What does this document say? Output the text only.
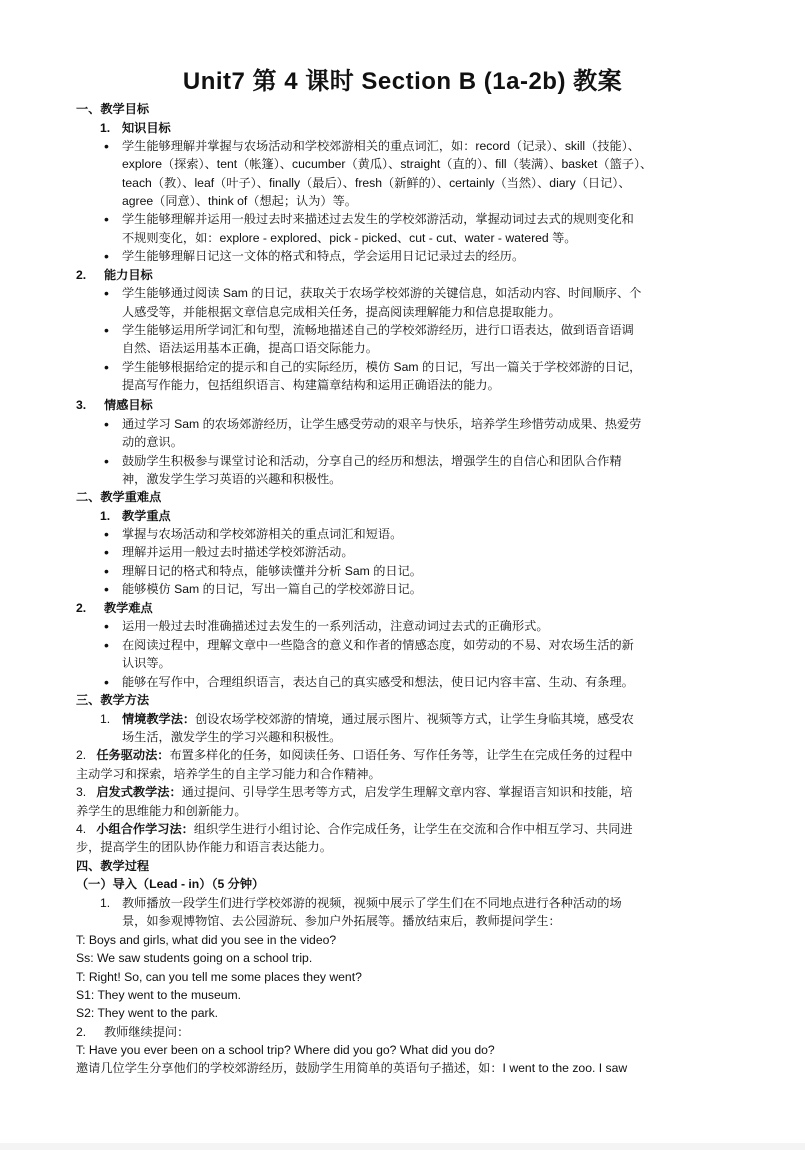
Unit7 第 4 课时 Section B (1a-2b) 教案
一、教学目标
1. 知识目标
• 学生能够理解并掌握与农场活动和学校郊游相关的重点词汇，如：record（记录）、skill（技能）、
explore（探索）、tent（帐篷）、cucumber（黄瓜）、straight（直的）、fill（装满）、basket（篮子）、
teach（教）、leaf（叶子）、finally（最后）、fresh（新鲜的）、certainly（当然）、diary（日记）、
agree（同意）、think of（想起；认为）等。
• 学生能够理解并运用一般过去时来描述过去发生的学校郊游活动，掌握动词过去式的规则变化和
不规则变化，如：explore - explored、pick - picked、cut - cut、water - watered 等。
• 学生能够理解日记这一文体的格式和特点，学会运用日记记录过去的经历。
2. 能力目标
• 学生能够通过阅读 Sam 的日记，获取关于农场学校郊游的关键信息，如活动内容、时间顺序、个
人感受等，并能根据文章信息完成相关任务，提高阅读理解能力和信息提取能力。
• 学生能够运用所学词汇和句型，流畅地描述自己的学校郊游经历，进行口语表达，做到语音语调
自然、语法运用基本正确，提高口语交际能力。
• 学生能够根据给定的提示和自己的实际经历，模仿 Sam 的日记，写出一篇关于学校郊游的日记，
提高写作能力，包括组织语言、构建篇章结构和运用正确语法的能力。
3. 情感目标
• 通过学习 Sam 的农场郊游经历，让学生感受劳动的艰辛与快乐，培养学生珍惜劳动成果、热爱劳
动的意识。
• 鼓励学生积极参与课堂讨论和活动，分享自己的经历和想法，增强学生的自信心和团队合作精
神，激发学生学习英语的兴趣和积极性。
二、教学重难点
1. 教学重点
• 掌握与农场活动和学校郊游相关的重点词汇和短语。
• 理解并运用一般过去时描述学校郊游活动。
• 理解日记的格式和特点，能够读懂并分析 Sam 的日记。
• 能够模仿 Sam 的日记，写出一篇自己的学校郊游日记。
2. 教学难点
• 运用一般过去时准确描述过去发生的一系列活动，注意动词过去式的正确形式。
• 在阅读过程中，理解文章中一些隐含的意义和作者的情感态度，如劳动的不易、对农场生活的新
认识等。
• 能够在写作中，合理组织语言，表达自己的真实感受和想法，使日记内容丰富、生动、有条理。
三、教学方法
1. 情境教学法：创设农场学校郊游的情境，通过展示图片、视频等方式，让学生身临其境，感受农
场生活，激发学生的学习兴趣和积极性。
2. 任务驱动法：布置多样化的任务，如阅读任务、口语任务、写作任务等，让学生在完成任务的过程中
主动学习和探索，培养学生的自主学习能力和合作精神。
3. 启发式教学法：通过提问、引导学生思考等方式，启发学生理解文章内容、掌握语言知识和技能，培
养学生的思维能力和创新能力。
4. 小组合作学习法：组织学生进行小组讨论、合作完成任务，让学生在交流和合作中相互学习、共同进
步，提高学生的团队协作能力和语言表达能力。
四、教学过程
（一）导入（Lead - in）（5 分钟）
1. 教师播放一段学生们进行学校郊游的视频，视频中展示了学生们在不同地点进行各种活动的场
景，如参观博物馆、去公园游玩、参加户外拓展等。播放结束后，教师提问学生：
T: Boys and girls, what did you see in the video?
Ss: We saw students going on a school trip.
T: Right! So, can you tell me some places they went?
S1: They went to the museum.
S2: They went to the park.
2. 教师继续提问：
T: Have you ever been on a school trip? Where did you go? What did you do?
邀请几位学生分享他们的学校郊游经历，鼓励学生用简单的英语句子描述，如：I went to the zoo. I saw
